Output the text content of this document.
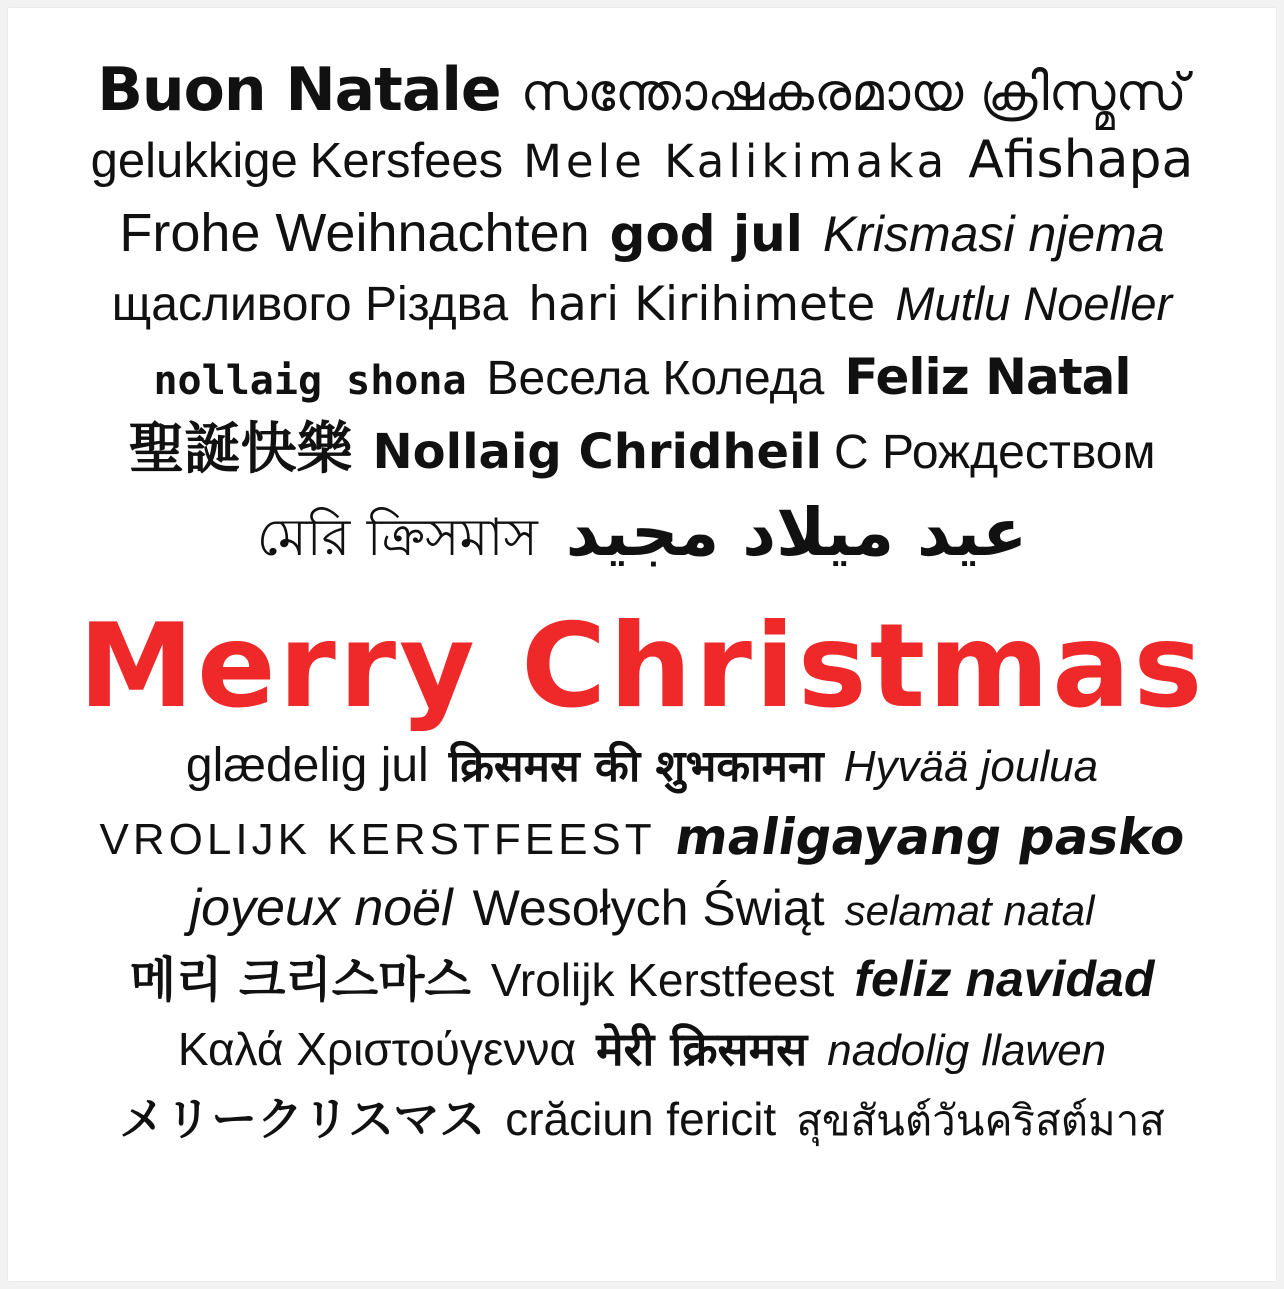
Buon Natale സന്തോഷകരമായ ക്രിസ്മസ്
gelukkige Kersfees Mele Kalikimaka Afishapa
Frohe Weihnachten god jul Krismasi njema
щасливого Різдва hari Kirihimete Mutlu Noeller
nollaig shona Весела Коледа Feliz Natal
聖誕快樂 Nollaig Chridheil С Рождеством
মেরি ক্রিসমাস عيد ميلاد مجيد
Merry Christmas
glædelig jul क्रिसमस की शुभकामना Hyvää joulua
VROLIJK KERSTFEEST maligayang pasko
joyeux noël Wesołych Świąt selamat natal
메리 크리스마스 Vrolijk Kerstfeest feliz navidad
Καλά Χριστούγεννα मेरी क्रिसमस nadolig llawen
メリークリスマス crăciun fericit สุขสันต์วันคริสต์มาส
